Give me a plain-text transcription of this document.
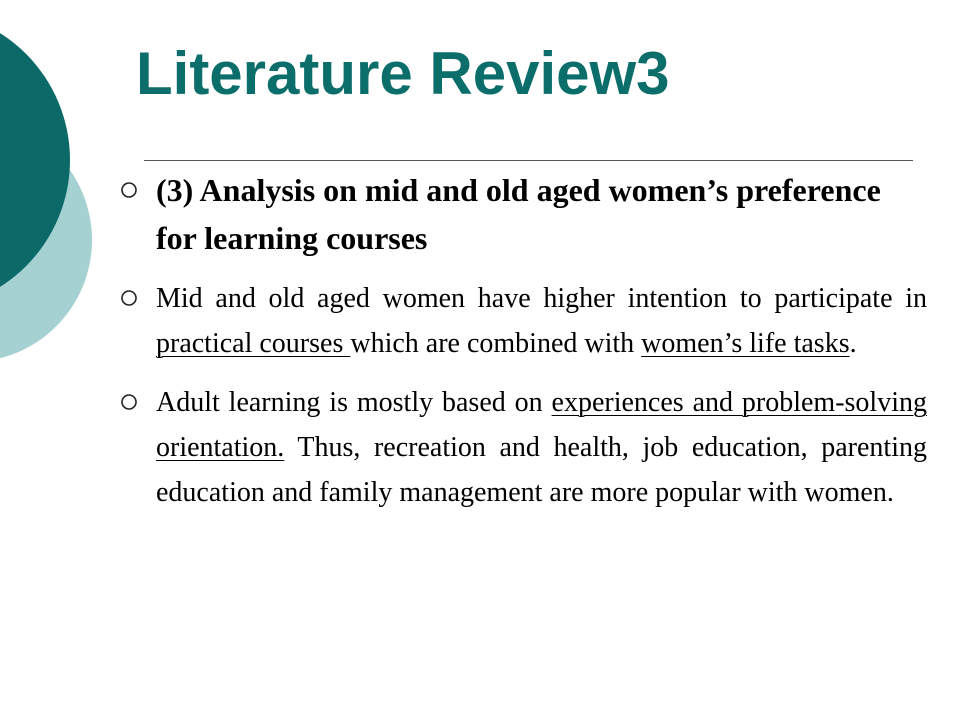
Literature Review3
(3) Analysis on mid and old aged women’s preference for learning courses
Mid and old aged women have higher intention to participate in practical courses which are combined with women’s life tasks.
Adult learning is mostly based on experiences and problem-solving orientation. Thus, recreation and health, job education, parenting education and family management are more popular with women.
